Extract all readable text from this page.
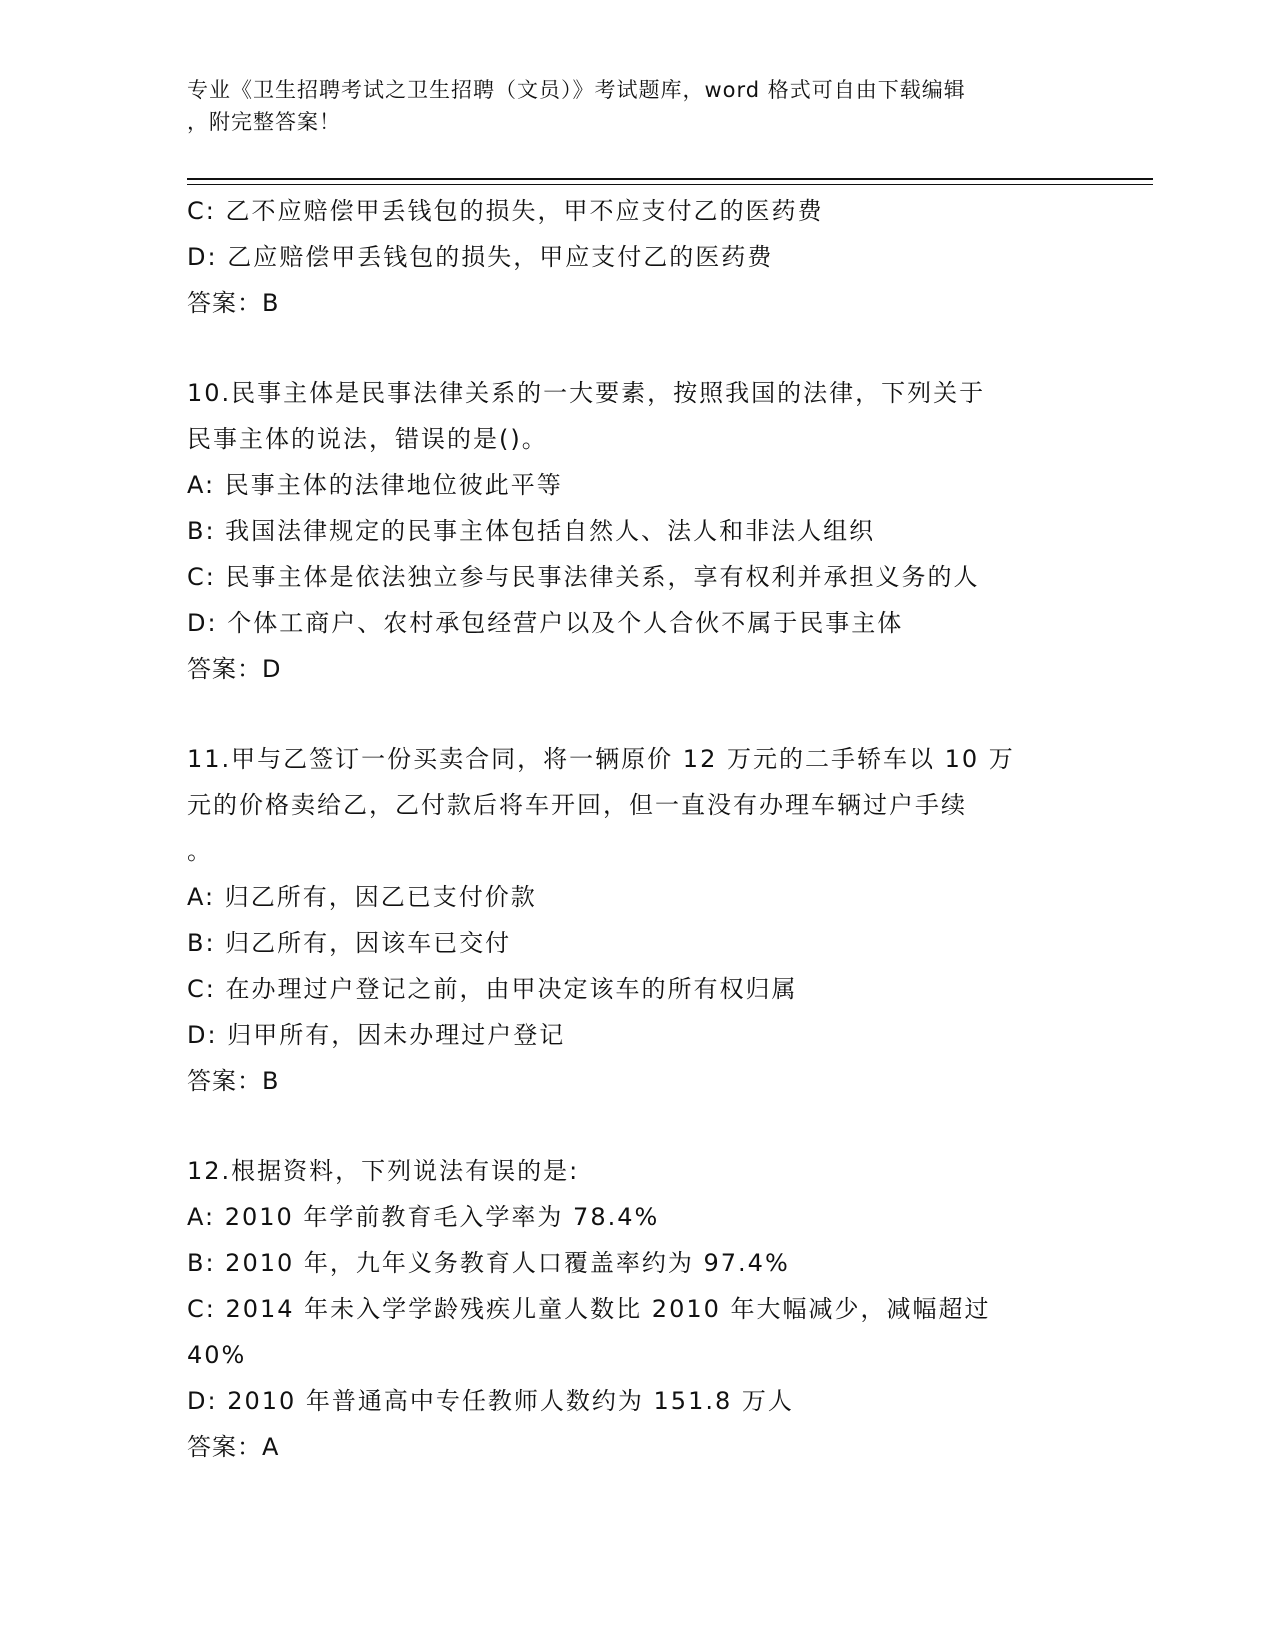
专业《卫生招聘考试之卫生招聘（文员）》考试题库，word 格式可自由下载编辑
，附完整答案！

C: 乙不应赔偿甲丢钱包的损失，甲不应支付乙的医药费

D: 乙应赔偿甲丢钱包的损失，甲应支付乙的医药费

答案：B

10.民事主体是民事法律关系的一大要素，按照我国的法律，下列关于

民事主体的说法，错误的是()。

A: 民事主体的法律地位彼此平等

B: 我国法律规定的民事主体包括自然人、法人和非法人组织

C: 民事主体是依法独立参与民事法律关系，享有权利并承担义务的人

D: 个体工商户、农村承包经营户以及个人合伙不属于民事主体

答案：D

11.甲与乙签订一份买卖合同，将一辆原价 12 万元的二手轿车以 10 万

元的价格卖给乙，乙付款后将车开回，但一直没有办理车辆过户手续

。

A: 归乙所有，因乙已支付价款

B: 归乙所有，因该车已交付

C: 在办理过户登记之前，由甲决定该车的所有权归属

D: 归甲所有，因未办理过户登记

答案：B

12.根据资料，下列说法有误的是:

A: 2010 年学前教育毛入学率为 78.4%

B: 2010 年，九年义务教育人口覆盖率约为 97.4%

C: 2014 年未入学学龄残疾儿童人数比 2010 年大幅减少，减幅超过

40%

D: 2010 年普通高中专任教师人数约为 151.8 万人

答案：A
